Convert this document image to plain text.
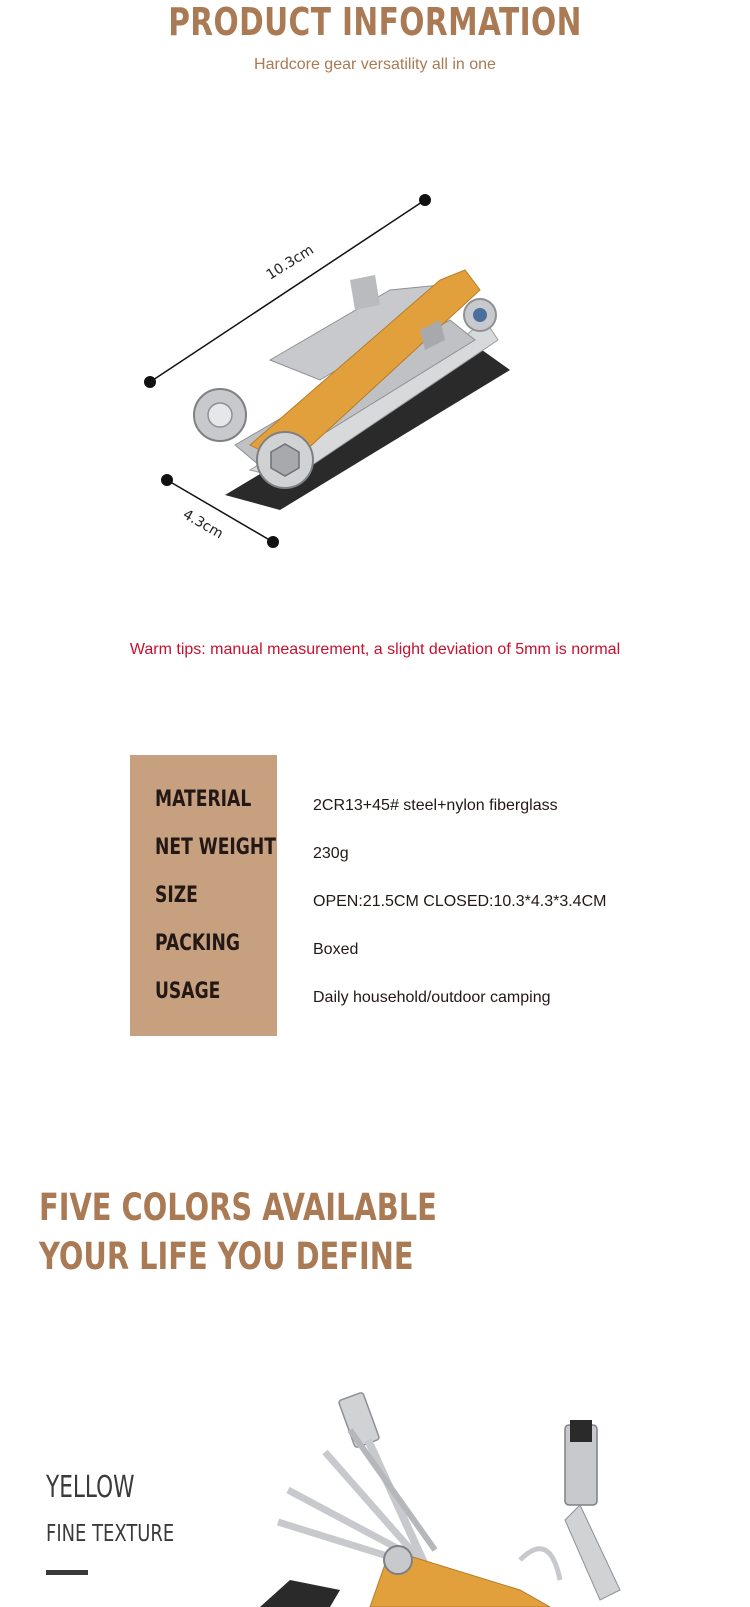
PRODUCT INFORMATION
Hardcore gear versatility all in one
10.3cm
4.3cm
Warm tips: manual measurement, a slight deviation of 5mm is normal
MATERIAL
NET WEIGHT
SIZE
PACKING
USAGE
2CR13+45# steel+nylon fiberglass
230g
OPEN:21.5CM CLOSED:10.3*4.3*3.4CM
Boxed
Daily household/outdoor camping
FIVE COLORS AVAILABLE
YOUR LIFE YOU DEFINE
YELLOW
FINE TEXTURE
